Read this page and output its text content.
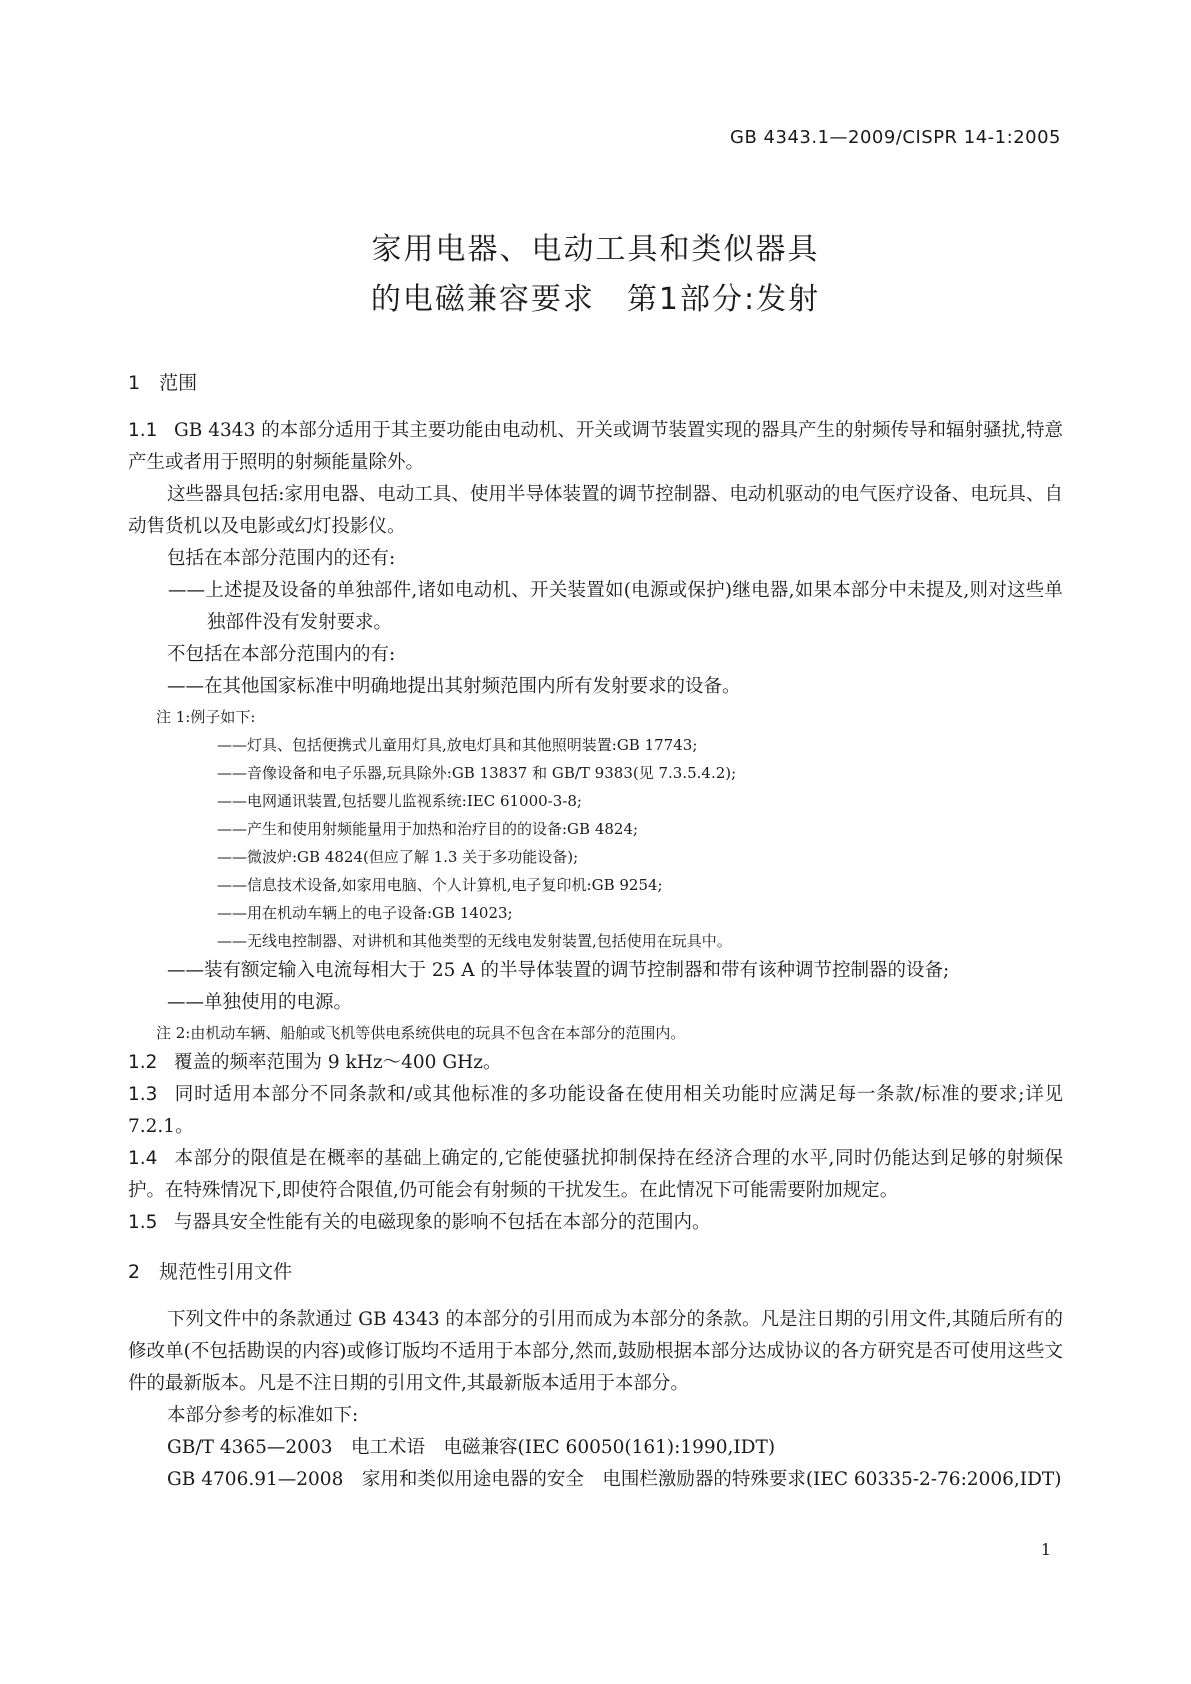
GB 4343.1—2009/CISPR 14-1:2005
家用电器、电动工具和类似器具
的电磁兼容要求　第1部分:发射
1　范围
1.1 GB 4343 的本部分适用于其主要功能由电动机、开关或调节装置实现的器具产生的射频传导和辐射骚扰,特意产生或者用于照明的射频能量除外。
这些器具包括:家用电器、电动工具、使用半导体装置的调节控制器、电动机驱动的电气医疗设备、电玩具、自动售货机以及电影或幻灯投影仪。
包括在本部分范围内的还有:
——上述提及设备的单独部件,诸如电动机、开关装置如(电源或保护)继电器,如果本部分中未提及,则对这些单独部件没有发射要求。
不包括在本部分范围内的有:
——在其他国家标准中明确地提出其射频范围内所有发射要求的设备。
注 1:例子如下:
——灯具、包括便携式儿童用灯具,放电灯具和其他照明装置:GB 17743;
——音像设备和电子乐器,玩具除外:GB 13837 和 GB/T 9383(见 7.3.5.4.2);
——电网通讯装置,包括婴儿监视系统:IEC 61000-3-8;
——产生和使用射频能量用于加热和治疗目的的设备:GB 4824;
——微波炉:GB 4824(但应了解 1.3 关于多功能设备);
——信息技术设备,如家用电脑、个人计算机,电子复印机:GB 9254;
——用在机动车辆上的电子设备:GB 14023;
——无线电控制器、对讲机和其他类型的无线电发射装置,包括使用在玩具中。
——装有额定输入电流每相大于 25 A 的半导体装置的调节控制器和带有该种调节控制器的设备;
——单独使用的电源。
注 2:由机动车辆、船舶或飞机等供电系统供电的玩具不包含在本部分的范围内。
1.2 覆盖的频率范围为 9 kHz～400 GHz。
1.3 同时适用本部分不同条款和/或其他标准的多功能设备在使用相关功能时应满足每一条款/标准的要求;详见 7.2.1。
1.4 本部分的限值是在概率的基础上确定的,它能使骚扰抑制保持在经济合理的水平,同时仍能达到足够的射频保护。在特殊情况下,即使符合限值,仍可能会有射频的干扰发生。在此情况下可能需要附加规定。
1.5 与器具安全性能有关的电磁现象的影响不包括在本部分的范围内。
2　规范性引用文件
下列文件中的条款通过 GB 4343 的本部分的引用而成为本部分的条款。凡是注日期的引用文件,其随后所有的修改单(不包括勘误的内容)或修订版均不适用于本部分,然而,鼓励根据本部分达成协议的各方研究是否可使用这些文件的最新版本。凡是不注日期的引用文件,其最新版本适用于本部分。
本部分参考的标准如下:
GB/T 4365—2003　电工术语　电磁兼容(IEC 60050(161):1990,IDT)
GB 4706.91—2008　家用和类似用途电器的安全　电围栏激励器的特殊要求(IEC 60335-2-76:2006,IDT)
1
